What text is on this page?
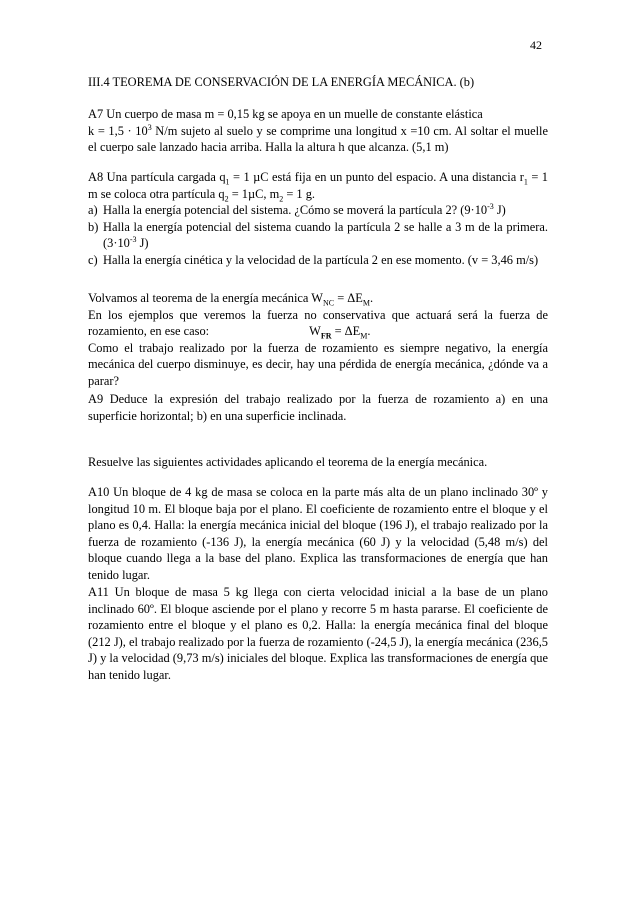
42

III.4 TEOREMA DE CONSERVACIÓN DE LA ENERGÍA MECÁNICA. (b)

A7 Un cuerpo de masa m = 0,15 kg se apoya en un muelle de constante elástica

$k = 1,5 \cdot 10^3$ N/m sujeto al suelo y se comprime una longitud x =10 cm. Al soltar el muelle el cuerpo sale lanzado hacia arriba. Halla la altura h que alcanza. (5,1 m)

A8 Una partícula cargada $q_1 = 1$ µC está fija en un punto del espacio. A una distancia $r_1 = 1$ m se coloca otra partícula $q_2 = 1\mu C$, $m_2 = 1$ g.

a) Halla la energía potencial del sistema. ¿Cómo se moverá la partícula 2? ($9\cdot 10^{-3}$ J)

b) Halla la energía potencial del sistema cuando la partícula 2 se halle a 3 m de la primera. ($3\cdot 10^{-3}$ J)

c) Halla la energía cinética y la velocidad de la partícula 2 en ese momento. (v = 3,46 m/s)

Volvamos al teorema de la energía mecánica $W_{NC} = \Delta E_M$.

En los ejemplos que veremos la fuerza no conservativa que actuará será la fuerza de rozamiento, en ese caso:	$W_{FR} = \Delta E_M$.

Como el trabajo realizado por la fuerza de rozamiento es siempre negativo, la energía mecánica del cuerpo disminuye, es decir, hay una pérdida de energía mecánica, ¿dónde va a parar?

A9 Deduce la expresión del trabajo realizado por la fuerza de rozamiento a) en una superficie horizontal; b) en una superficie inclinada.

Resuelve las siguientes actividades aplicando el teorema de la energía mecánica.

A10 Un bloque de 4 kg de masa se coloca en la parte más alta de un plano inclinado 30º y longitud 10 m. El bloque baja por el plano. El coeficiente de rozamiento entre el bloque y el plano es 0,4. Halla: la energía mecánica inicial del bloque (196 J), el trabajo realizado por la fuerza de rozamiento (-136 J), la energía mecánica (60 J) y la velocidad (5,48 m/s) del bloque cuando llega a la base del plano. Explica las transformaciones de energía que han tenido lugar.

A11 Un bloque de masa 5 kg llega con cierta velocidad inicial a la base de un plano inclinado 60º. El bloque asciende por el plano y recorre 5 m hasta pararse. El coeficiente de rozamiento entre el bloque y el plano es 0,2. Halla: la energía mecánica final del bloque (212 J), el trabajo realizado por la fuerza de rozamiento (-24,5 J), la energía mecánica (236,5 J) y la velocidad (9,73 m/s) iniciales del bloque. Explica las transformaciones de energía que han tenido lugar.
